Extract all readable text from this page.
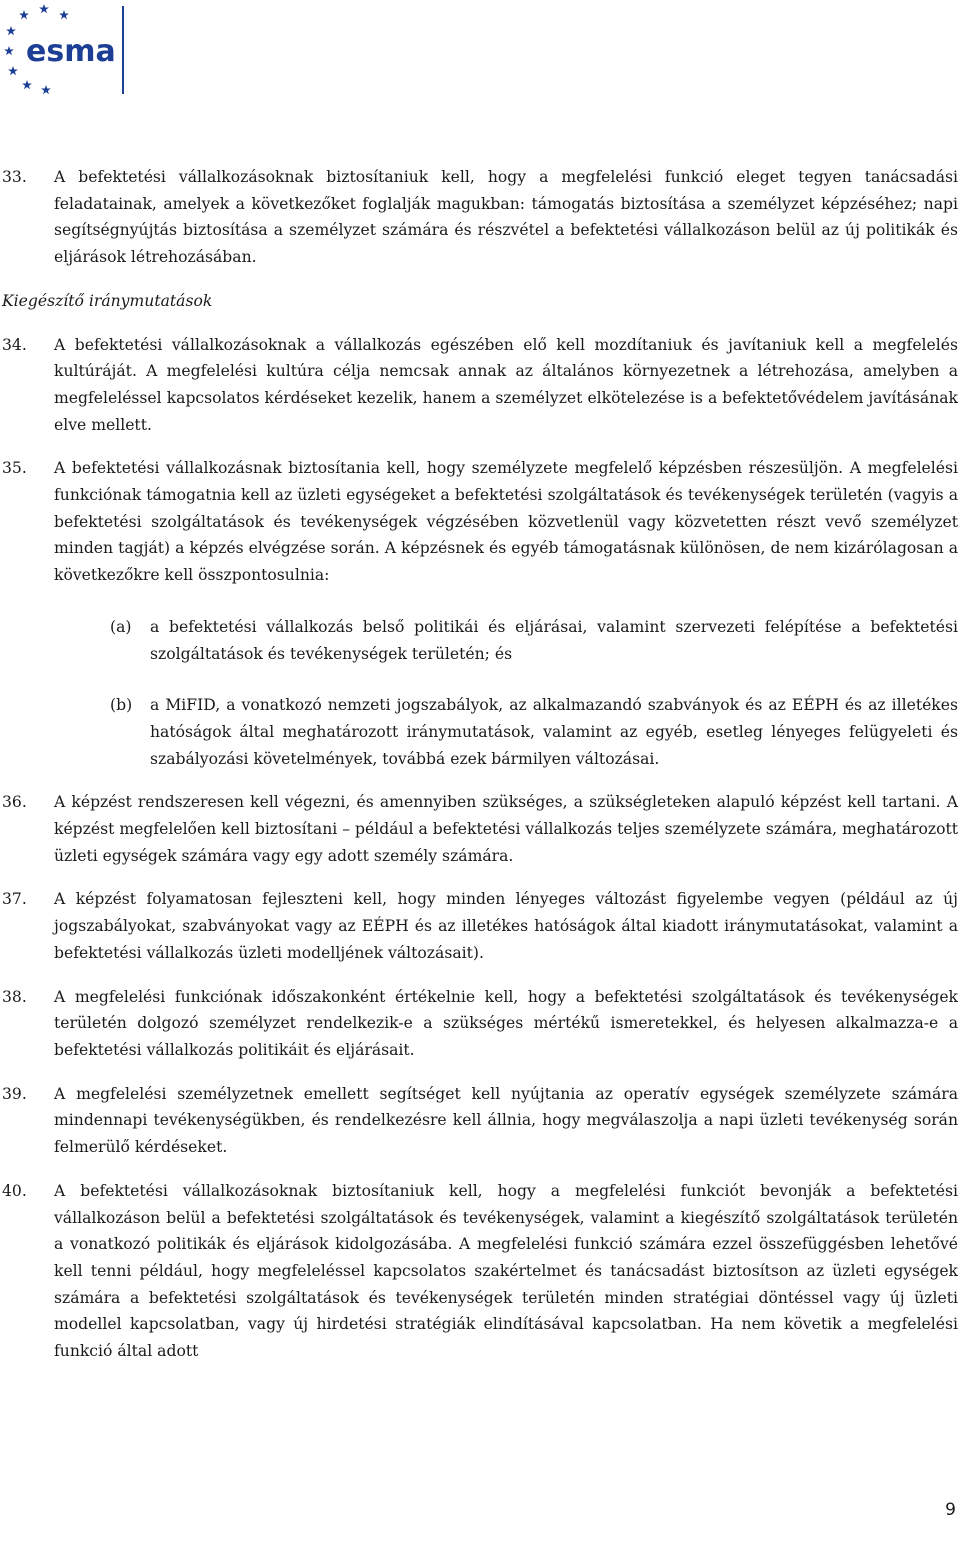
esma
33.	A befektetési vállalkozásoknak biztosítaniuk kell, hogy a megfelelési funkció eleget tegyen tanácsadási feladatainak, amelyek a következőket foglalják magukban: támogatás biztosítása a személyzet képzéséhez; napi segítségnyújtás biztosítása a személyzet számára és részvétel a befektetési vállalkozáson belül az új politikák és eljárások létrehozásában.
Kiegészítő iránymutatások
34.	A befektetési vállalkozásoknak a vállalkozás egészében elő kell mozdítaniuk és javítaniuk kell a megfelelés kultúráját. A megfelelési kultúra célja nemcsak annak az általános környezetnek a létrehozása, amelyben a megfeleléssel kapcsolatos kérdéseket kezelik, hanem a személyzet elkötelezése is a befektetővédelem javításának elve mellett.
35.	A befektetési vállalkozásnak biztosítania kell, hogy személyzete megfelelő képzésben részesüljön. A megfelelési funkciónak támogatnia kell az üzleti egységeket a befektetési szolgáltatások és tevékenységek területén (vagyis a befektetési szolgáltatások és tevékenységek végzésében közvetlenül vagy közvetetten részt vevő személyzet minden tagját) a képzés elvégzése során. A képzésnek és egyéb támogatásnak különösen, de nem kizárólagosan a következőkre kell összpontosulnia:
(a)	a befektetési vállalkozás belső politikái és eljárásai, valamint szervezeti felépítése a befektetési szolgáltatások és tevékenységek területén; és
(b)	a MiFID, a vonatkozó nemzeti jogszabályok, az alkalmazandó szabványok és az EÉPH és az illetékes hatóságok által meghatározott iránymutatások, valamint az egyéb, esetleg lényeges felügyeleti és szabályozási követelmények, továbbá ezek bármilyen változásai.
36.	A képzést rendszeresen kell végezni, és amennyiben szükséges, a szükségleteken alapuló képzést kell tartani. A képzést megfelelően kell biztosítani – például a befektetési vállalkozás teljes személyzete számára, meghatározott üzleti egységek számára vagy egy adott személy számára.
37.	A képzést folyamatosan fejleszteni kell, hogy minden lényeges változást figyelembe vegyen (például az új jogszabályokat, szabványokat vagy az EÉPH és az illetékes hatóságok által kiadott iránymutatásokat, valamint a befektetési vállalkozás üzleti modelljének változásait).
38.	A megfelelési funkciónak időszakonként értékelnie kell, hogy a befektetési szolgáltatások és tevékenységek területén dolgozó személyzet rendelkezik-e a szükséges mértékű ismeretekkel, és helyesen alkalmazza-e a befektetési vállalkozás politikáit és eljárásait.
39.	A megfelelési személyzetnek emellett segítséget kell nyújtania az operatív egységek személyzete számára mindennapi tevékenységükben, és rendelkezésre kell állnia, hogy megválaszolja a napi üzleti tevékenység során felmerülő kérdéseket.
40.	A befektetési vállalkozásoknak biztosítaniuk kell, hogy a megfelelési funkciót bevonják a befektetési vállalkozáson belül a befektetési szolgáltatások és tevékenységek, valamint a kiegészítő szolgáltatások területén a vonatkozó politikák és eljárások kidolgozásába. A megfelelési funkció számára ezzel összefüggésben lehetővé kell tenni például, hogy megfeleléssel kapcsolatos szakértelmet és tanácsadást biztosítson az üzleti egységek számára a befektetési szolgáltatások és tevékenységek területén minden stratégiai döntéssel vagy új üzleti modellel kapcsolatban, vagy új hirdetési stratégiák elindításával kapcsolatban. Ha nem követik a megfelelési funkció által adott
9
